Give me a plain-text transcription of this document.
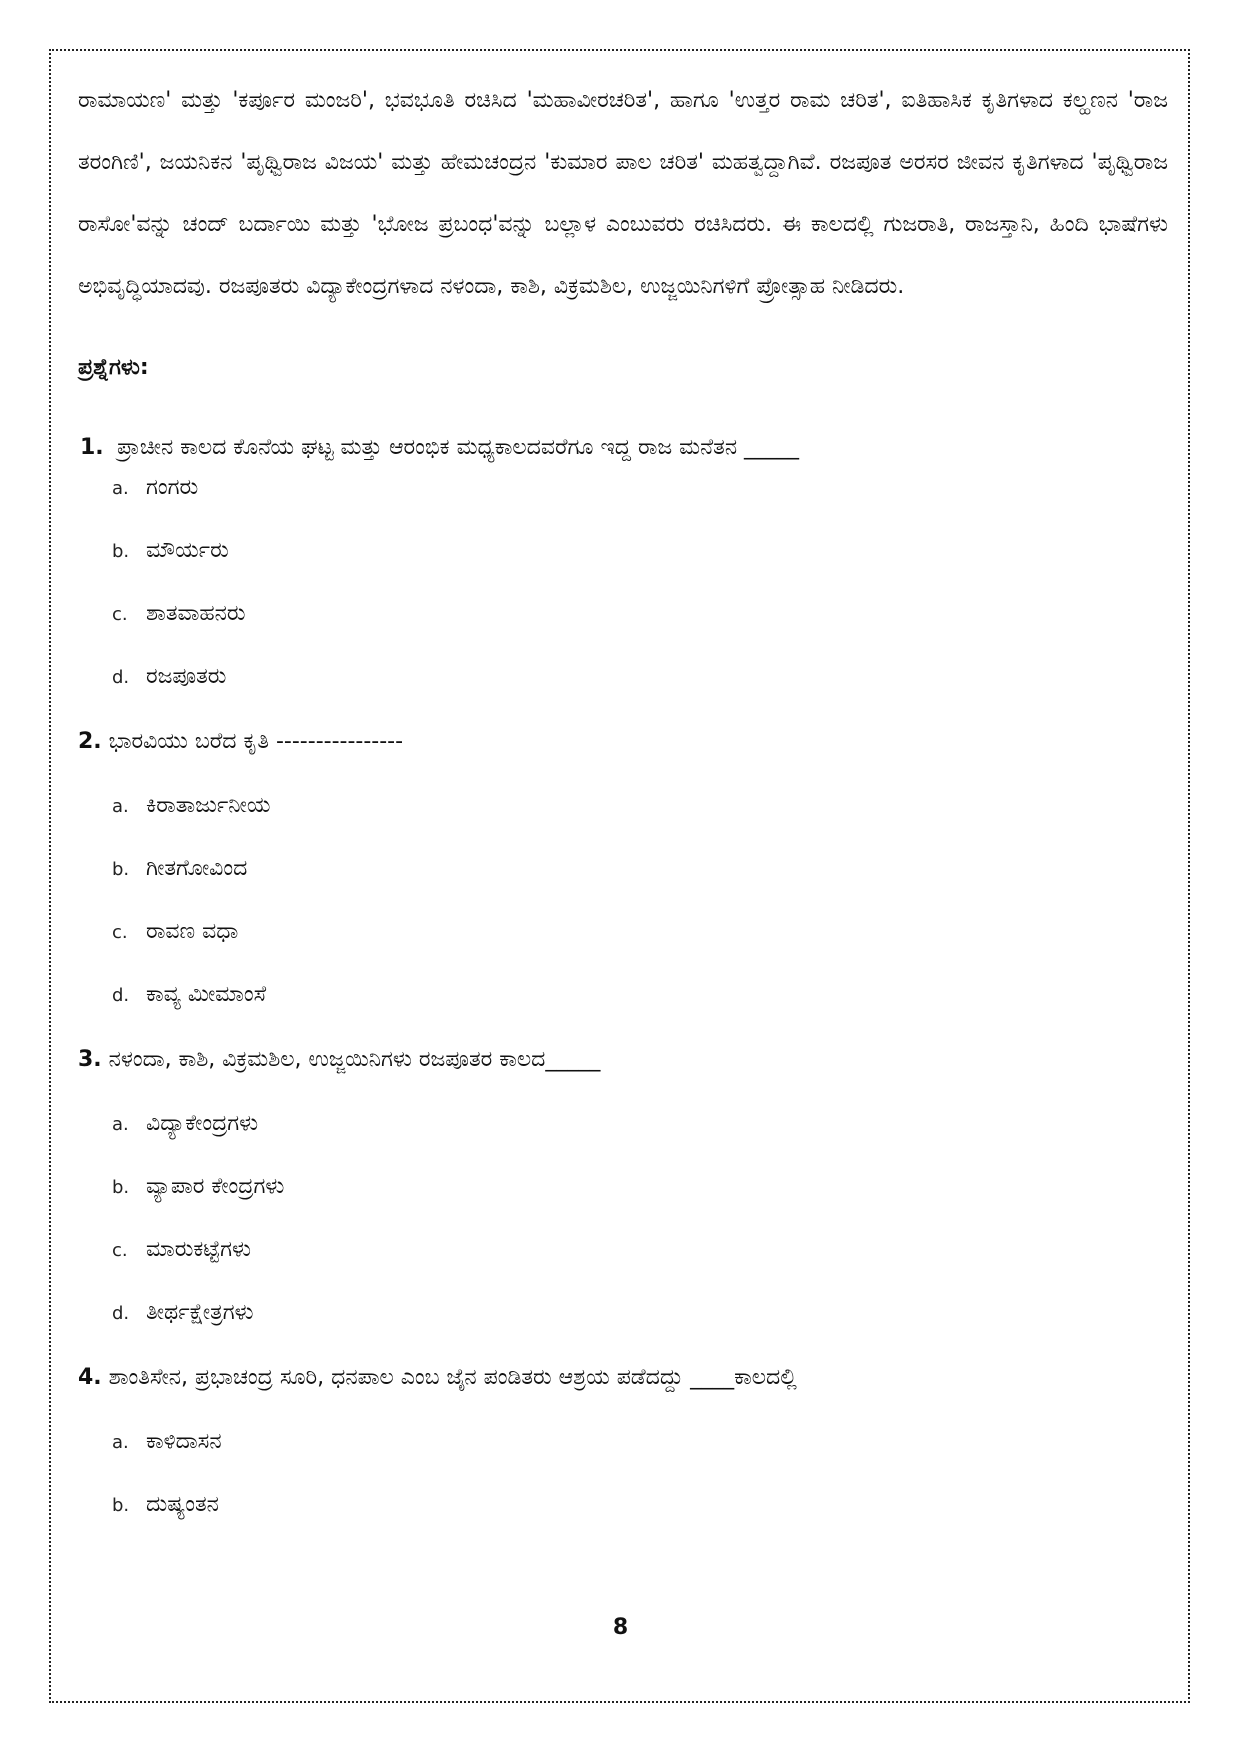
ರಾಮಾಯಣ' ಮತ್ತು 'ಕರ್ಪೂರ ಮಂಜರಿ', ಭವಭೂತಿ ರಚಿಸಿದ 'ಮಹಾವೀರಚರಿತ', ಹಾಗೂ 'ಉತ್ತರ ರಾಮ ಚರಿತ', ಐತಿಹಾಸಿಕ ಕೃತಿಗಳಾದ ಕಲ್ಹಣನ 'ರಾಜ ತರಂಗಿಣಿ', ಜಯನಿಕನ 'ಪೃಥ್ವಿರಾಜ ವಿಜಯ' ಮತ್ತು ಹೇಮಚಂದ್ರನ 'ಕುಮಾರ ಪಾಲ ಚರಿತ' ಮಹತ್ವದ್ದಾಗಿವೆ. ರಜಪೂತ ಅರಸರ ಜೀವನ ಕೃತಿಗಳಾದ 'ಪೃಥ್ವಿರಾಜ ರಾಸೋ'ವನ್ನು ಚಂದ್ ಬರ್ದಾಯಿ ಮತ್ತು 'ಭೋಜ ಪ್ರಬಂಧ'ವನ್ನು ಬಲ್ಲಾಳ ಎಂಬುವರು ರಚಿಸಿದರು. ಈ ಕಾಲದಲ್ಲಿ ಗುಜರಾತಿ, ರಾಜಸ್ತಾನಿ, ಹಿಂದಿ ಭಾಷೆಗಳು ಅಭಿವೃದ್ಧಿಯಾದವು. ರಜಪೂತರು ವಿದ್ಯಾಕೇಂದ್ರಗಳಾದ ನಳಂದಾ, ಕಾಶಿ, ವಿಕ್ರಮಶಿಲ, ಉಜ್ಜಯಿನಿಗಳಿಗೆ ಪ್ರೋತ್ಸಾಹ ನೀಡಿದರು.

ಪ್ರಶ್ನೆಗಳು:
1. ಪ್ರಾಚೀನ ಕಾಲದ ಕೊನೆಯ ಘಟ್ಟ ಮತ್ತು ಆರಂಭಿಕ ಮಧ್ಯಕಾಲದವರೆಗೂ ಇದ್ದ ರಾಜ ಮನೆತನ _____
a. ಗಂಗರು
b. ಮೌರ್ಯರು
c. ಶಾತವಾಹನರು
d. ರಜಪೂತರು
2. ಭಾರವಿಯು ಬರೆದ ಕೃತಿ ----------------
a. ಕಿರಾತಾರ್ಜುನೀಯ
b. ಗೀತಗೋವಿಂದ
c. ರಾವಣ ವಧಾ
d. ಕಾವ್ಯ ಮೀಮಾಂಸೆ
3. ನಳಂದಾ, ಕಾಶಿ, ವಿಕ್ರಮಶಿಲ, ಉಜ್ಜಯಿನಿಗಳು ರಜಪೂತರ ಕಾಲದ_____
a. ವಿದ್ಯಾಕೇಂದ್ರಗಳು
b. ವ್ಯಾಪಾರ ಕೇಂದ್ರಗಳು
c. ಮಾರುಕಟ್ಟೆಗಳು
d. ತೀರ್ಥಕ್ಷೇತ್ರಗಳು
4. ಶಾಂತಿಸೇನ, ಪ್ರಭಾಚಂದ್ರ ಸೂರಿ, ಧನಪಾಲ ಎಂಬ ಜೈನ ಪಂಡಿತರು ಆಶ್ರಯ ಪಡೆದದ್ದು ____ಕಾಲದಲ್ಲಿ
a. ಕಾಳಿದಾಸನ
b. ದುಷ್ಯಂತನ
8
